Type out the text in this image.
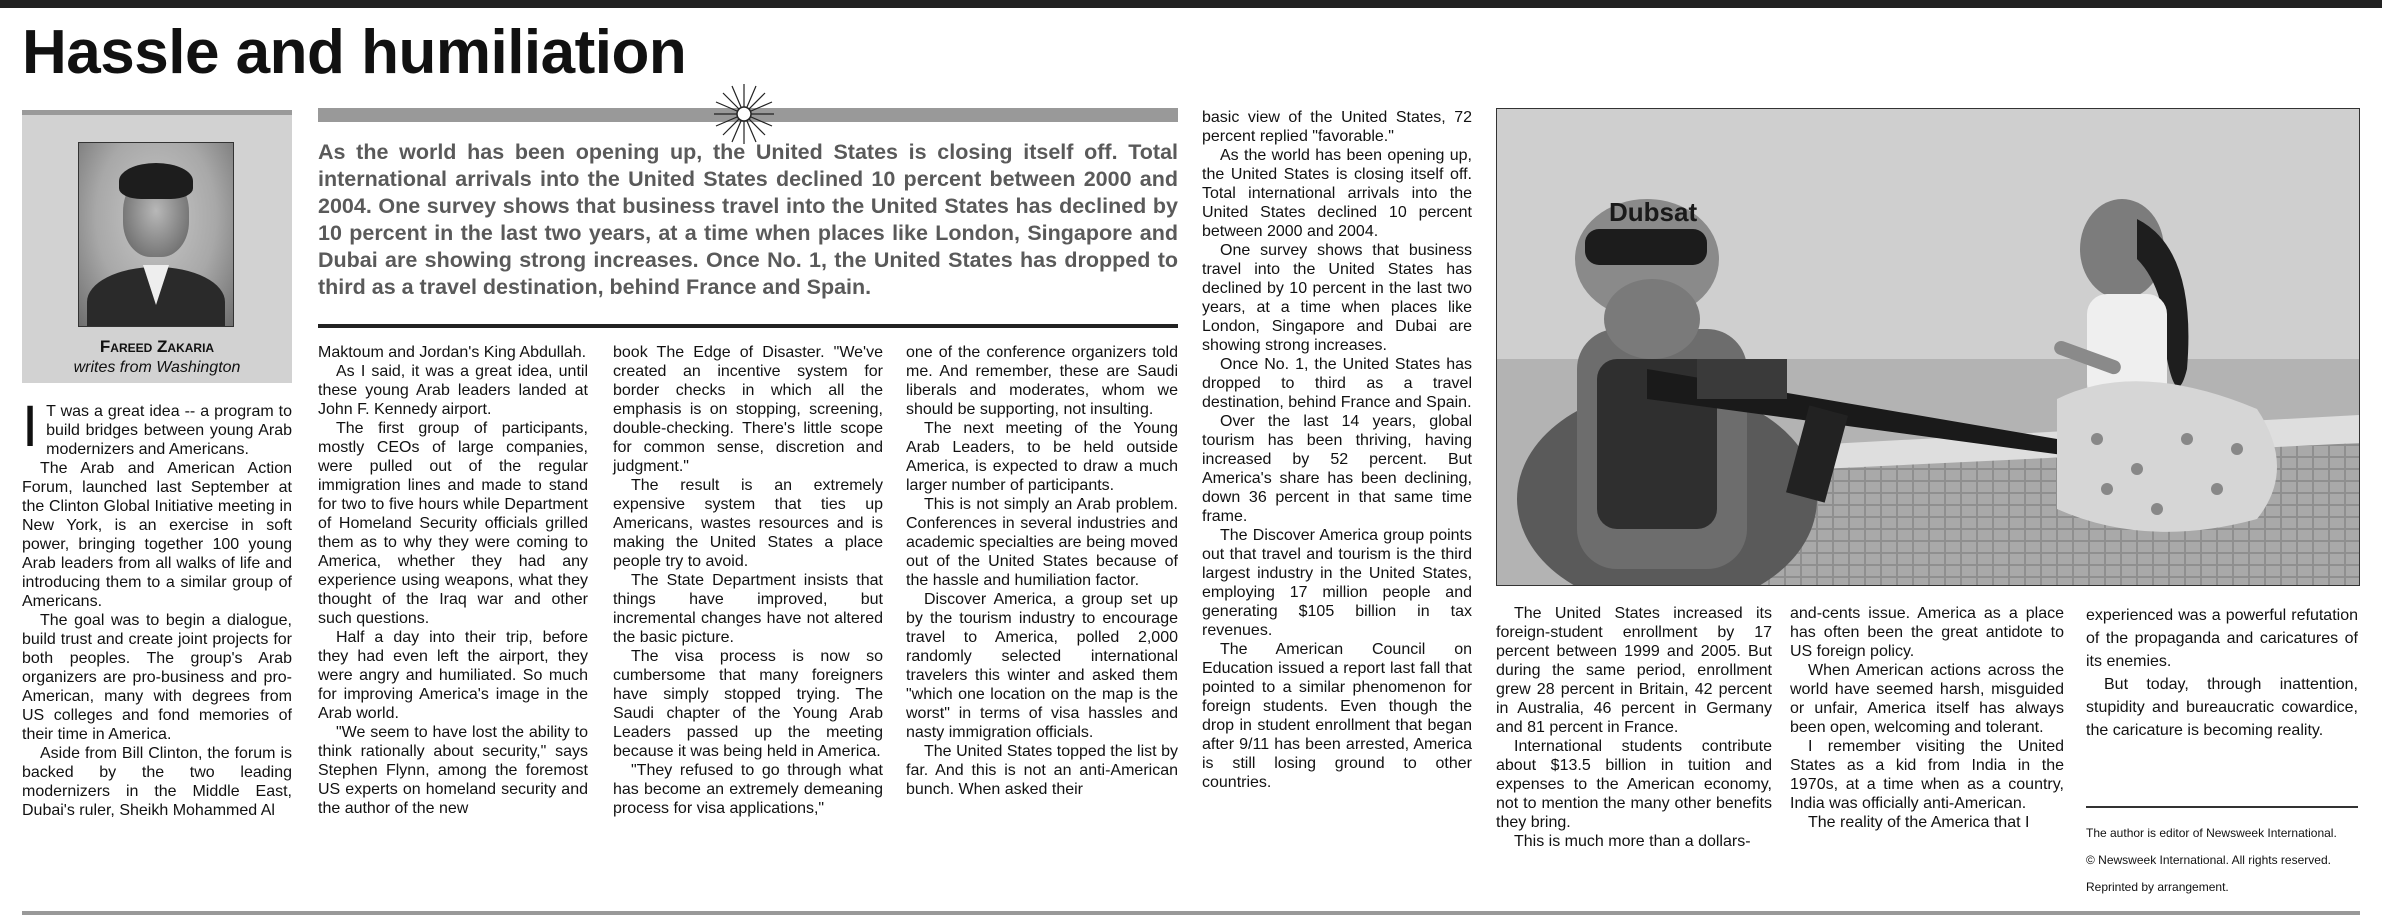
Hassle and humiliation
Fareed Zakaria
writes from Washington
As the world has been opening up, the United States is closing itself off. Total international arrivals into the United States declined 10 percent between 2000 and 2004. One survey shows that business travel into the United States has declined by 10 percent in the last two years, at a time when places like London, Singapore and Dubai are showing strong increases. Once No. 1, the United States has dropped to third as a travel destination, behind France and Spain.

I T was a great idea -- a program to build bridges between young Arab modernizers and Americans.

The Arab and American Action Forum, launched last September at the Clinton Global Initiative meeting in New York, is an exercise in soft power, bringing together 100 young Arab leaders from all walks of life and introducing them to a similar group of Americans.

The goal was to begin a dialogue, build trust and create joint projects for both peoples. The group's Arab organizers are pro-business and pro-American, many with degrees from US colleges and fond memories of their time in America.

Aside from Bill Clinton, the forum is backed by the two leading modernizers in the Middle East, Dubai's ruler, Sheikh Mohammed Al

Maktoum and Jordan's King Abdullah.

As I said, it was a great idea, until these young Arab leaders landed at John F. Kennedy airport.

The first group of participants, mostly CEOs of large companies, were pulled out of the regular immigration lines and made to stand for two to five hours while Department of Homeland Security officials grilled them as to why they were coming to America, whether they had any experience using weapons, what they thought of the Iraq war and other such questions.

Half a day into their trip, before they had even left the airport, they were angry and humiliated. So much for improving America's image in the Arab world.

"We seem to have lost the ability to think rationally about security," says Stephen Flynn, among the foremost US experts on homeland security and the author of the new

book The Edge of Disaster. "We've created an incentive system for border checks in which all the emphasis is on stopping, screening, double-checking. There's little scope for common sense, discretion and judgment."

The result is an extremely expensive system that ties up Americans, wastes resources and is making the United States a place people try to avoid.

The State Department insists that things have improved, but incremental changes have not altered the basic picture.

The visa process is now so cumbersome that many foreigners have simply stopped trying. The Saudi chapter of the Young Arab Leaders passed up the meeting because it was being held in America.

"They refused to go through what has become an extremely demeaning process for visa applications,"

one of the conference organizers told me. And remember, these are Saudi liberals and moderates, whom we should be supporting, not insulting.

The next meeting of the Young Arab Leaders, to be held outside America, is expected to draw a much larger number of participants.

This is not simply an Arab problem. Conferences in several industries and academic specialties are being moved out of the United States because of the hassle and humiliation factor.

Discover America, a group set up by the tourism industry to encourage travel to America, polled 2,000 randomly selected international travelers this winter and asked them "which one location on the map is the worst" in terms of visa hassles and nasty immigration officials.

The United States topped the list by far. And this is not an anti-American bunch. When asked their

basic view of the United States, 72 percent replied "favorable."

As the world has been opening up, the United States is closing itself off. Total international arrivals into the United States declined 10 percent between 2000 and 2004.

One survey shows that business travel into the United States has declined by 10 percent in the last two years, at a time when places like London, Singapore and Dubai are showing strong increases.

Once No. 1, the United States has dropped to third as a travel destination, behind France and Spain.

Over the last 14 years, global tourism has been thriving, having increased by 52 percent. But America's share has been declining, down 36 percent in that same time frame.

The Discover America group points out that travel and tourism is the third largest industry in the United States, employing 17 million people and generating $105 billion in tax revenues.

The American Council on Education issued a report last fall that pointed to a similar phenomenon for foreign students. Even though the drop in student enrollment that began after 9/11 has been arrested, America is still losing ground to other countries.

Dubsat

The United States increased its foreign-student enrollment by 17 percent between 1999 and 2005. But during the same period, enrollment grew 28 percent in Britain, 42 percent in Australia, 46 percent in Germany and 81 percent in France.

International students contribute about $13.5 billion in tuition and expenses to the American economy, not to mention the many other benefits they bring.

This is much more than a dollars-

and-cents issue. America as a place has often been the great antidote to US foreign policy.

When American actions across the world have seemed harsh, misguided or unfair, America itself has always been open, welcoming and tolerant.

I remember visiting the United States as a kid from India in the 1970s, at a time when as a country, India was officially anti-American.

The reality of the America that I

experienced was a powerful refutation of the propaganda and caricatures of its enemies.

But today, through inattention, stupidity and bureaucratic cowardice, the caricature is becoming reality.

The author is editor of Newsweek International.
© Newsweek International. All rights reserved.
Reprinted by arrangement.
